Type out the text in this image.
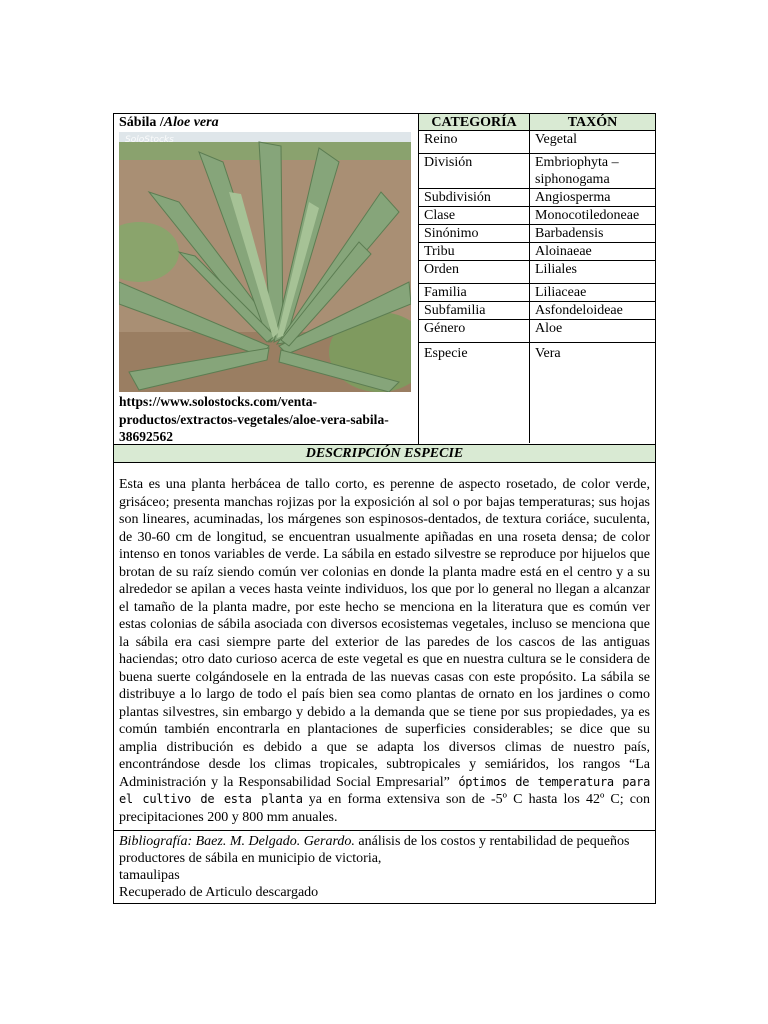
Sábila /Aloe vera
SoloStocks
https://www.solostocks.com/venta-productos/extractos-vegetales/aloe-vera-sabila-38692562
CATEGORÍA	TAXÓN
Reino	Vegetal
División	Embriophyta – siphonogama
Subdivisión	Angiosperma
Clase	Monocotiledoneae
Sinónimo	Barbadensis
Tribu	Aloinaeae
Orden	Liliales
Familia	Liliaceae
Subfamilia	Asfondeloideae
Género	Aloe
Especie	Vera
DESCRIPCIÓN ESPECIE
Esta es una planta herbácea de tallo corto, es perenne de aspecto rosetado, de color verde, grisáceo; presenta manchas rojizas por la exposición al sol o por bajas temperaturas; sus hojas son lineares, acuminadas, los márgenes son espinosos-dentados, de textura coriáce, suculenta, de 30-60 cm de longitud, se encuentran usualmente apiñadas en una roseta densa; de color intenso en tonos variables de verde. La sábila en estado silvestre se reproduce por hijuelos que brotan de su raíz siendo común ver colonias en donde la planta madre está en el centro y a su alrededor se apilan a veces hasta veinte individuos, los que por lo general no llegan a alcanzar el tamaño de la planta madre, por este hecho se menciona en la literatura que es común ver estas colonias de sábila asociada con diversos ecosistemas vegetales, incluso se menciona que la sábila era casi siempre parte del exterior de las paredes de los cascos de las antiguas haciendas; otro dato curioso acerca de este vegetal es que en nuestra cultura se le considera de buena suerte colgándosele en la entrada de las nuevas casas con este propósito. La sábila se distribuye a lo largo de todo el país bien sea como plantas de ornato en los jardines o como plantas silvestres, sin embargo y debido a la demanda que se tiene por sus propiedades, ya es común también encontrarla en plantaciones de superficies considerables; se dice que su amplia distribución es debido a que se adapta los diversos climas de nuestro país, encontrándose desde los climas tropicales, subtropicales y semiáridos, los rangos “La Administración y la Responsabilidad Social Empresarial” óptimos de temperatura para el cultivo de esta planta ya en forma extensiva son de -5º C hasta los 42º C; con precipitaciones 200 y 800 mm anuales.
Bibliografía: Baez. M. Delgado. Gerardo. análisis de los costos y rentabilidad de pequeños
productores de sábila en municipio de victoria,
tamaulipas
Recuperado de Articulo descargado
